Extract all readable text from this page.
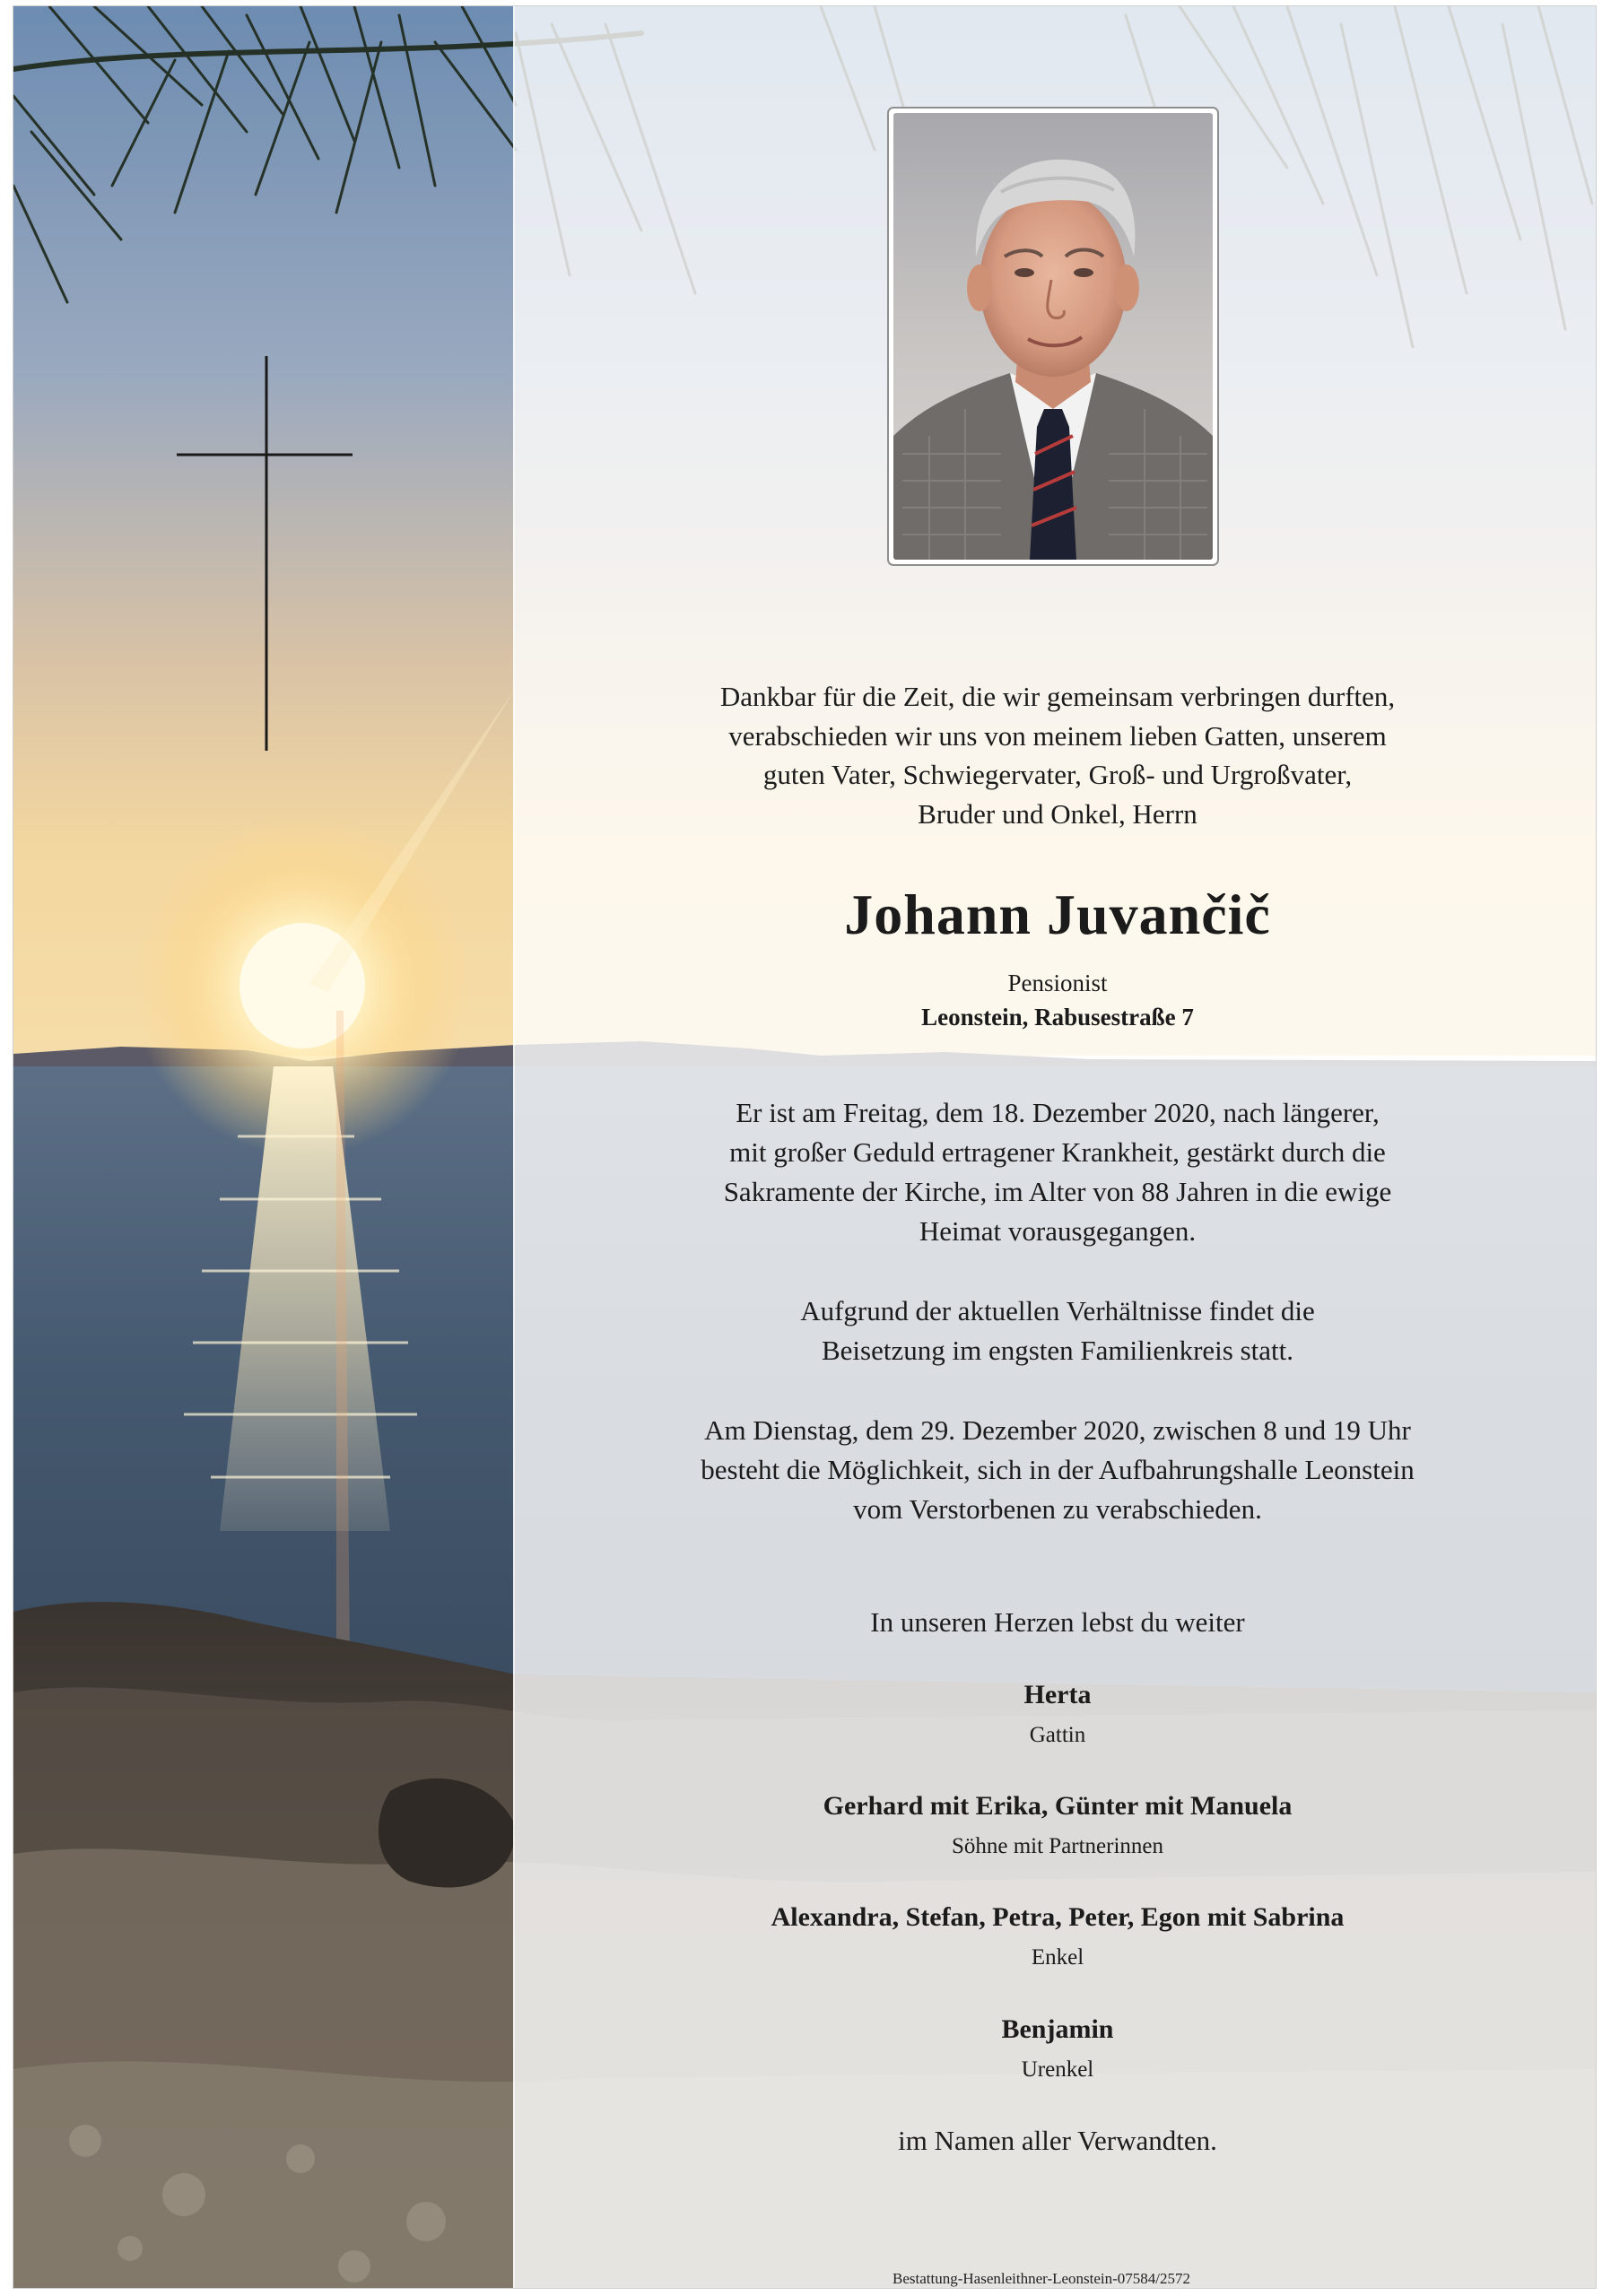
Dankbar für die Zeit, die wir gemeinsam verbringen durften,
verabschieden wir uns von meinem lieben Gatten, unserem
guten Vater, Schwiegervater, Groß- und Urgroßvater,
Bruder und Onkel, Herrn
Johann Juvančič
Pensionist
Leonstein, Rabusestraße 7
Er ist am Freitag, dem 18. Dezember 2020, nach längerer,
mit großer Geduld ertragener Krankheit, gestärkt durch die
Sakramente der Kirche, im Alter von 88 Jahren in die ewige
Heimat vorausgegangen.
Aufgrund der aktuellen Verhältnisse findet die
Beisetzung im engsten Familienkreis statt.
Am Dienstag, dem 29. Dezember 2020, zwischen 8 und 19 Uhr
besteht die Möglichkeit, sich in der Aufbahrungshalle Leonstein
vom Verstorbenen zu verabschieden.
In unseren Herzen lebst du weiter
Herta
Gattin
Gerhard mit Erika, Günter mit Manuela
Söhne mit Partnerinnen
Alexandra, Stefan, Petra, Peter, Egon mit Sabrina
Enkel
Benjamin
Urenkel
im Namen aller Verwandten.
Bestattung-Hasenleithner-Leonstein-07584/2572
